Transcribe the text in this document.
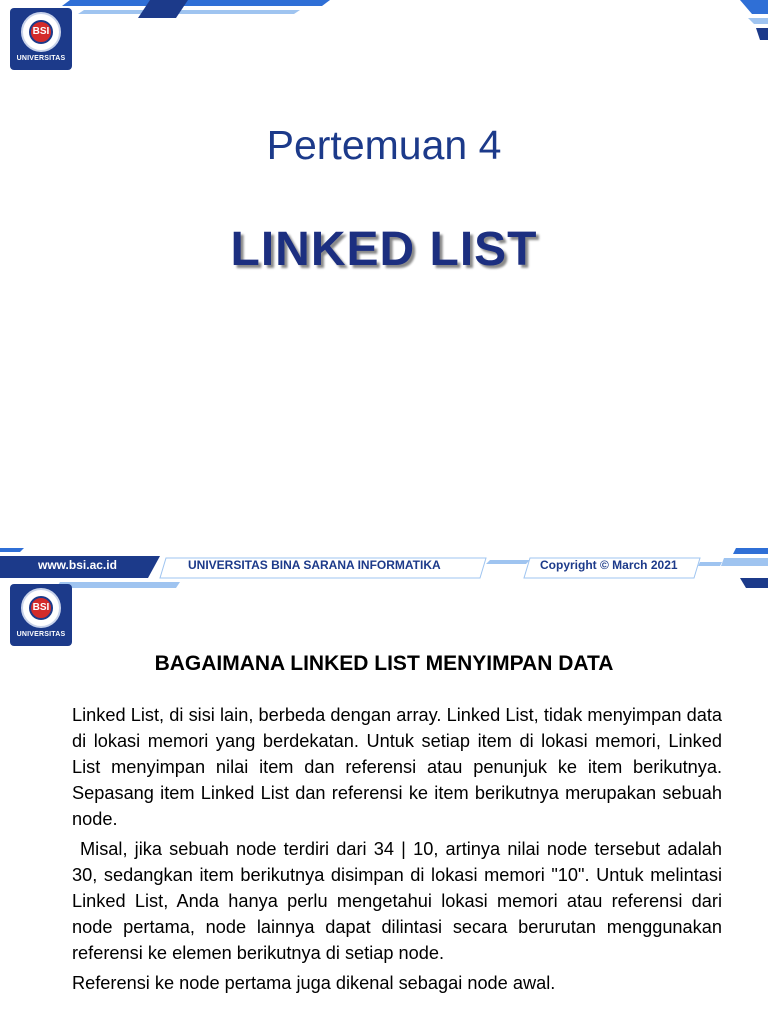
BSI
UNIVERSITAS
Pertemuan 4
LINKED LIST
www.bsi.ac.id	UNIVERSITAS BINA SARANA INFORMATIKA	Copyright © March 2021
BSI
UNIVERSITAS
BAGAIMANA LINKED LIST MENYIMPAN DATA

Linked List, di sisi lain, berbeda dengan array. Linked List, tidak menyimpan data di lokasi memori yang berdekatan. Untuk setiap item di lokasi memori, Linked List menyimpan nilai item dan referensi atau penunjuk ke item berikutnya. Sepasang item Linked List dan referensi ke item berikutnya merupakan sebuah node.

Misal, jika sebuah node terdiri dari 34 | 10, artinya nilai node tersebut adalah 30, sedangkan item berikutnya disimpan di lokasi memori "10". Untuk melintasi Linked List, Anda hanya perlu mengetahui lokasi memori atau referensi dari node pertama, node lainnya dapat dilintasi secara berurutan menggunakan referensi ke elemen berikutnya di setiap node.

Referensi ke node pertama juga dikenal sebagai node awal.
